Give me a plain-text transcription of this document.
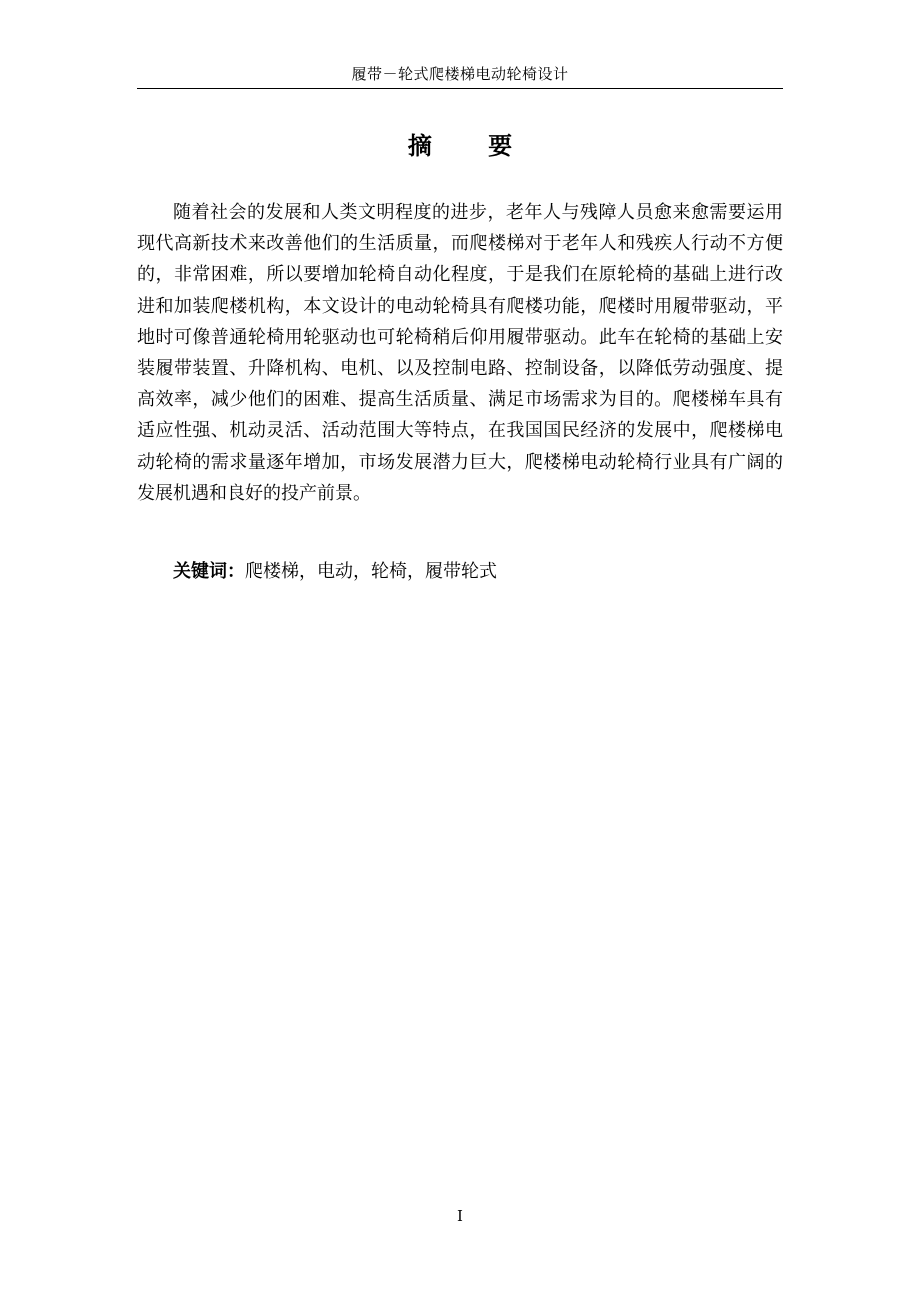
履带－轮式爬楼梯电动轮椅设计
摘 要

随着社会的发展和人类文明程度的进步，老年人与残障人员愈来愈需要运用现代高新技术来改善他们的生活质量，而爬楼梯对于老年人和残疾人行动不方便的，非常困难，所以要增加轮椅自动化程度，于是我们在原轮椅的基础上进行改进和加装爬楼机构，本文设计的电动轮椅具有爬楼功能，爬楼时用履带驱动，平地时可像普通轮椅用轮驱动也可轮椅稍后仰用履带驱动。此车在轮椅的基础上安装履带装置、升降机构、电机、以及控制电路、控制设备，以降低劳动强度、提高效率，减少他们的困难、提高生活质量、满足市场需求为目的。爬楼梯车具有适应性强、机动灵活、活动范围大等特点，在我国国民经济的发展中，爬楼梯电动轮椅的需求量逐年增加，市场发展潜力巨大，爬楼梯电动轮椅行业具有广阔的发展机遇和良好的投产前景。

关键词：爬楼梯，电动，轮椅，履带轮式

I
